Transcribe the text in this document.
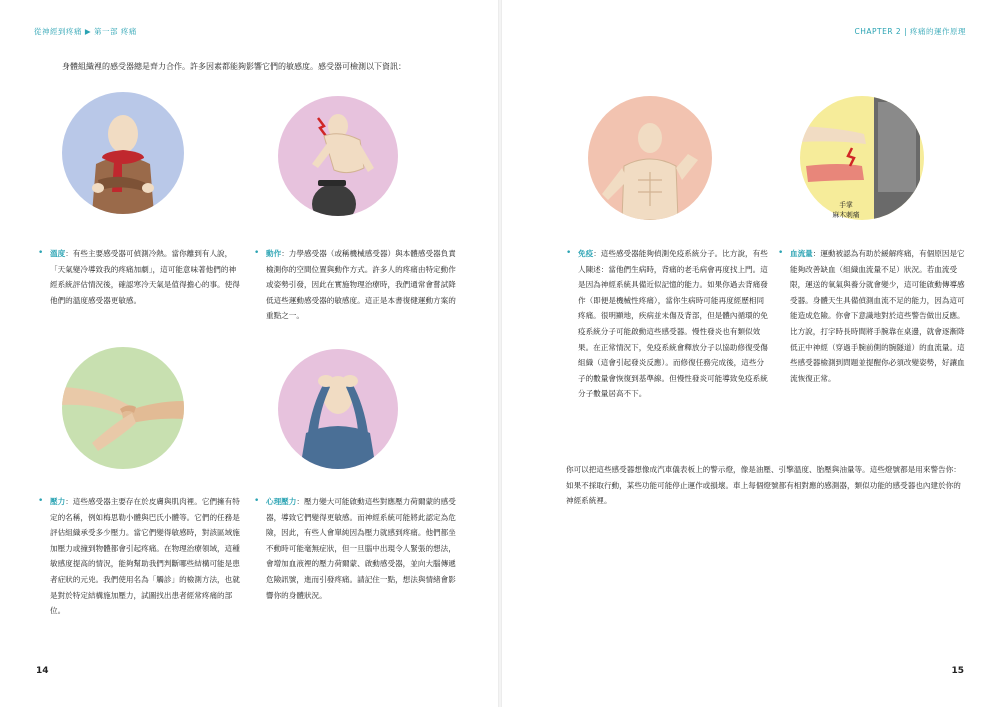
從神經到疼痛 ▶ 第一部 疼痛	CHAPTER 2 | 疼痛的運作原理
身體組織裡的感受器總是齊力合作。許多因素都能夠影響它們的敏感度。感受器可檢測以下資訊：
手掌
麻木刺痛
• 溫度：有些主要感受器可偵測冷熱。當你離到有人說，「天氣變冷導致我的疼痛加劇」，這可能意味著他們的神經系統評估情況後，確認寒冷天氣是值得擔心的事。使得他們的溫度感受器更敏感。
• 動作：力學感受器（或稱機械感受器）與本體感受器負責檢測你的空間位置與動作方式。許多人的疼痛由特定動作或姿勢引發，因此在實施物理治療時，我們通常會嘗試降低這些運動感受器的敏感度。這正是本書復健運動方案的重點之一。
• 壓力：這些感受器主要存在於皮膚與肌肉裡。它們擁有特定的名稱，例如梅思勒小體與巴氏小體等。它們的任務是評估組織承受多少壓力。當它們變得敏感時，對該區域施加壓力或撞到物體都會引起疼痛。在物理治療領域，這種敏感度提高的情況，能夠幫助我們判斷哪些結構可能是患者症狀的元兇。我們使用名為「觸診」的檢測方法，也就是對於特定結構施加壓力，試圖找出患者經常疼痛的部位。
• 心理壓力：壓力變大可能啟動這些對應壓力荷爾蒙的感受器，導致它們變得更敏感。而神經系統可能將此認定為危險，因此，有些人會單純因為壓力就感到疼痛。他們都坐不動時可能毫無症狀，但一旦腦中出現令人緊張的想法，會增加血液裡的壓力荷爾蒙、啟動感受器，並向大腦傳遞危險訊號，進而引發疼痛。請記住一點，想法與情緒會影響你的身體狀況。
• 免疫：這些感受器能夠偵測免疫系統分子。比方說，有些人陳述：當他們生病時，背痛的老毛病會再度找上門。這是因為神經系統具備近似記憶的能力。如果你過去背痛發作（即便是機械性疼痛），當你生病時可能再度經歷相同疼痛。很明顯地，疾病並未傷及背部，但是體內循環的免疫系統分子可能啟動這些感受器。慢性發炎也有類似效果。在正常情況下，免疫系統會釋放分子以協助修復受傷組織（這會引起發炎反應）。而修復任務完成後，這些分子的數量會恢復到基準線。但慢性發炎可能導致免疫系統分子數量居高不下。
• 血流量：運動被認為有助於緩解疼痛，有個原因是它能夠改善缺血（組織血流量不足）狀況。若血流受限，運送的氧氣與養分就會變少，這可能啟動傳導感受器。身體天生具備偵測血流不足的能力，因為這可能造成危險。你會下意識地對於這些警告做出反應。比方說，打字時長時間將手腕靠在桌邊，就會逐漸降低正中神經（穿過手腕前側的腕隧道）的血流量。這些感受器檢測到問題並提醒你必須改變姿勢，好讓血流恢復正常。
你可以把這些感受器想像成汽車儀表板上的警示燈，像是油壓、引擎溫度、胎壓與油量等。這些燈號都是用來警告你：如果不採取行動，某些功能可能停止運作或損壞。車上每個燈號都有相對應的感測器，類似功能的感受器也內建於你的神經系統裡。
14	15
